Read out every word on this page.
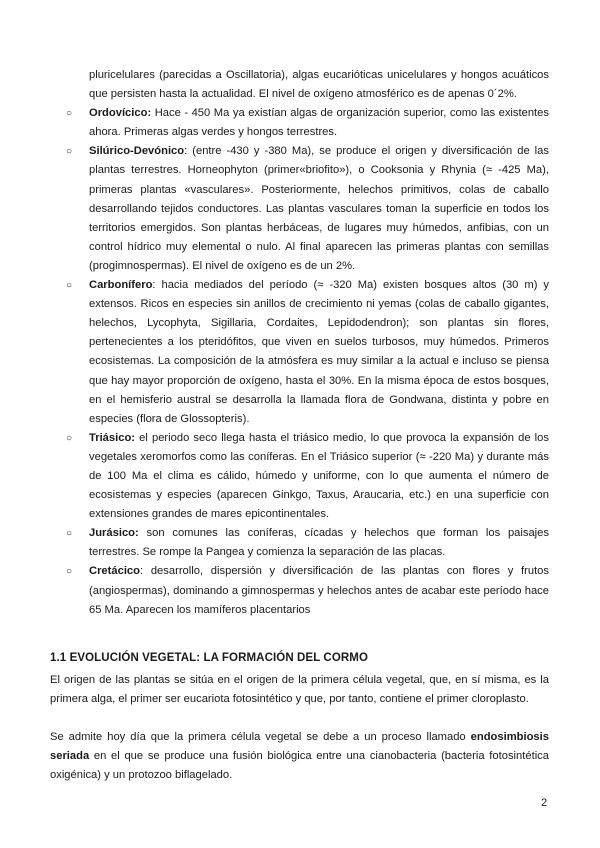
pluricelulares (parecidas a Oscillatoria), algas eucarióticas unicelulares y hongos acuáticos que persisten hasta la actualidad. El nivel de oxígeno atmosférico es de apenas 0´2%.

○ Ordovícico: Hace - 450 Ma ya existían algas de organización superior, como las existentes ahora. Primeras algas verdes y hongos terrestres.

○ Silúrico-Devónico: (entre -430 y -380 Ma), se produce el origen y diversificación de las plantas terrestres. Horneophyton (primer«briofito»), o Cooksonia y Rhynia (≈ -425 Ma), primeras plantas «vasculares». Posteriormente, helechos primitivos, colas de caballo desarrollando tejidos conductores. Las plantas vasculares toman la superficie en todos los territorios emergidos. Son plantas herbáceas, de lugares muy húmedos, anfibias, con un control hídrico muy elemental o nulo. Al final aparecen las primeras plantas con semillas (progimnospermas). El nivel de oxígeno es de un 2%.

○ Carbonífero: hacia mediados del período (≈ -320 Ma) existen bosques altos (30 m) y extensos. Ricos en especies sin anillos de crecimiento ni yemas (colas de caballo gigantes, helechos, Lycophyta, Sigillaria, Cordaites, Lepidodendron); son plantas sin flores, pertenecientes a los pteridófitos, que viven en suelos turbosos, muy húmedos. Primeros ecosistemas. La composición de la atmósfera es muy similar a la actual e incluso se piensa que hay mayor proporción de oxígeno, hasta el 30%. En la misma época de estos bosques, en el hemisferio austral se desarrolla la llamada flora de Gondwana, distinta y pobre en especies (flora de Glossopteris).

○ Triásico: el periodo seco llega hasta el triásico medio, lo que provoca la expansión de los vegetales xeromorfos como las coníferas. En el Triásico superior (≈ -220 Ma) y durante más de 100 Ma el clima es cálido, húmedo y uniforme, con lo que aumenta el número de ecosistemas y especies (aparecen Ginkgo, Taxus, Araucaria, etc.) en una superficie con extensiones grandes de mares epicontinentales.

○ Jurásico: son comunes las coníferas, cícadas y helechos que forman los paisajes terrestres. Se rompe la Pangea y comienza la separación de las placas.

○ Cretácico: desarrollo, dispersión y diversificación de las plantas con flores y frutos (angiospermas), dominando a gimnospermas y helechos antes de acabar este período hace 65 Ma. Aparecen los mamíferos placentarios

1.1 EVOLUCIÓN VEGETAL: LA FORMACIÓN DEL CORMO

El origen de las plantas se sitúa en el origen de la primera célula vegetal, que, en sí misma, es la primera alga, el primer ser eucariota fotosintético y que, por tanto, contiene el primer cloroplasto.

Se admite hoy día que la primera célula vegetal se debe a un proceso llamado endosimbiosis seriada en el que se produce una fusión biológica entre una cianobacteria (bacteria fotosintética oxigénica) y un protozoo biflagelado.

2
